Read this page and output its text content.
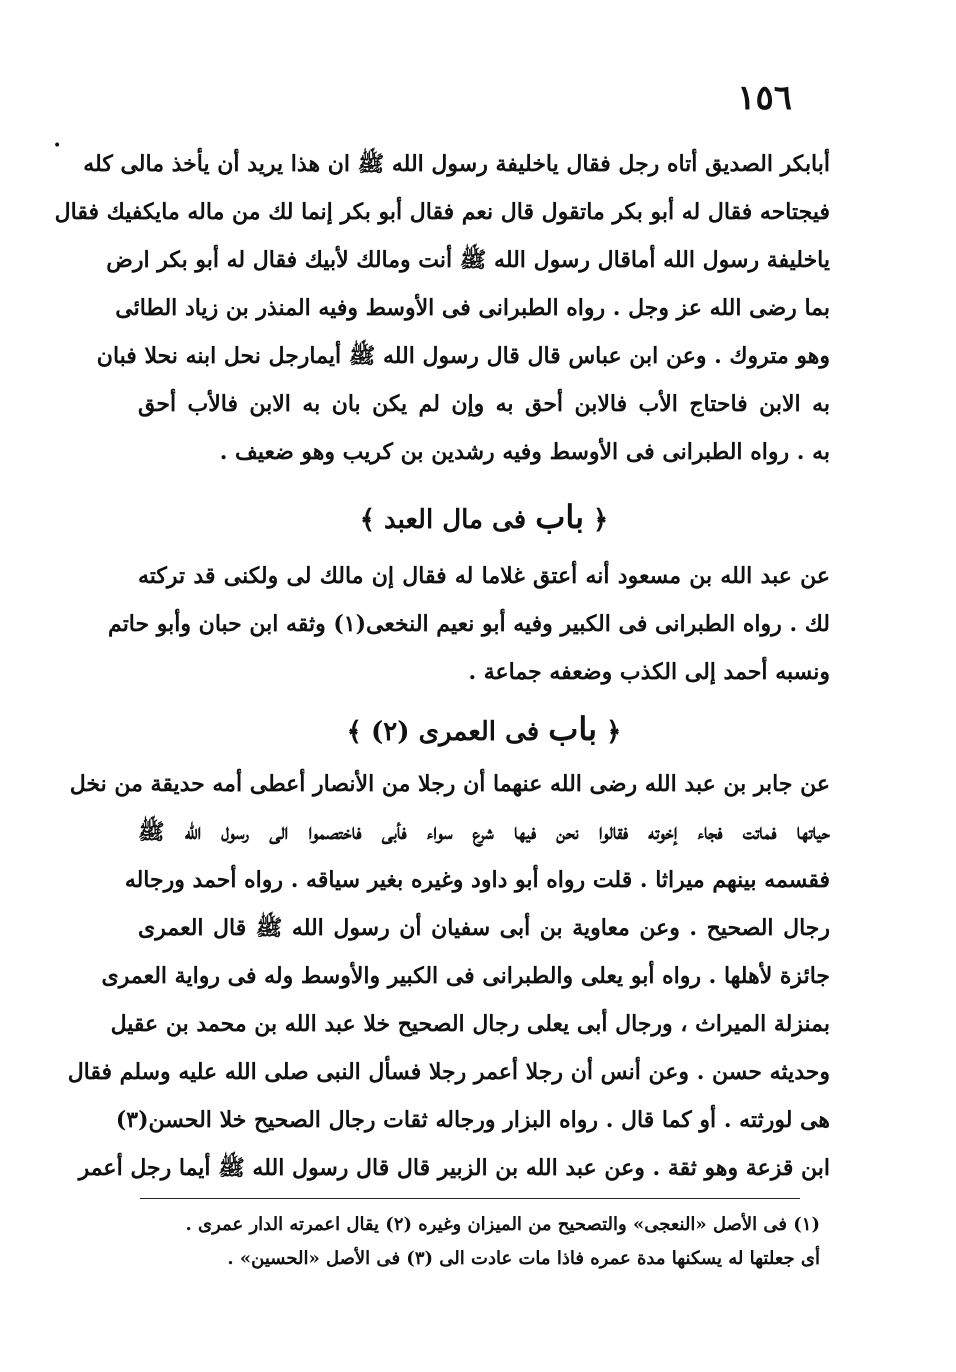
١٥٦
•
أبابكر الصديق أتاه رجل فقال ياخليفة رسول الله ﷺ ان هذا يريد أن يأخذ مالى كله
فيجتاحه فقال له أبو بكر ماتقول قال نعم فقال أبو بكر إنما لك من ماله مايكفيك فقال
ياخليفة رسول الله أماقال رسول الله ﷺ أنت ومالك لأبيك فقال له أبو بكر ارض
بما رضى الله عز وجل . رواه الطبرانى فى الأوسط وفيه المنذر بن زياد الطائى
وهو متروك . وعن ابن عباس قال قال رسول الله ﷺ أيمارجل نحل ابنه نحلا فبان
به الابن فاحتاج الأب فالابن أحق به وإن لم يكن بان به الابن فالأب أحق
به . رواه الطبرانى فى الأوسط وفيه رشدين بن كريب وهو ضعيف .
﴿ باب فى مال العبد ﴾
عن عبد الله بن مسعود أنه أعتق غلاما له فقال إن مالك لى ولكنى قد تركته
لك . رواه الطبرانى فى الكبير وفيه أبو نعيم النخعى(١) وثقه ابن حبان وأبو حاتم
ونسبه أحمد إلى الكذب وضعفه جماعة .
﴿ باب فى العمرى (٢) ﴾
عن جابر بن عبد الله رضى الله عنهما أن رجلا من الأنصار أعطى أمه حديقة من نخل
حياتها فماتت فجاء إخوته فقالوا نحن فيها شرع سواء فأبى فاختصموا الى رسول الله ﷺ
فقسمه بينهم ميراثا . قلت رواه أبو داود وغيره بغير سياقه . رواه أحمد ورجاله
رجال الصحيح . وعن معاوية بن أبى سفيان أن رسول الله ﷺ قال العمرى
جائزة لأهلها . رواه أبو يعلى والطبرانى فى الكبير والأوسط وله فى رواية العمرى
بمنزلة الميراث ، ورجال أبى يعلى رجال الصحيح خلا عبد الله بن محمد بن عقيل
وحديثه حسن . وعن أنس أن رجلا أعمر رجلا فسأل النبى صلى الله عليه وسلم فقال
هى لورثته . أو كما قال . رواه البزار ورجاله ثقات رجال الصحيح خلا الحسن(٣)
ابن قزعة وهو ثقة . وعن عبد الله بن الزبير قال قال رسول الله ﷺ أيما رجل أعمر
(١) فى الأصل «النعجى» والتصحيح من الميزان وغيره (٢) يقال اعمرته الدار عمرى .
أى جعلتها له يسكنها مدة عمره فاذا مات عادت الى (٣) فى الأصل «الحسين» .
